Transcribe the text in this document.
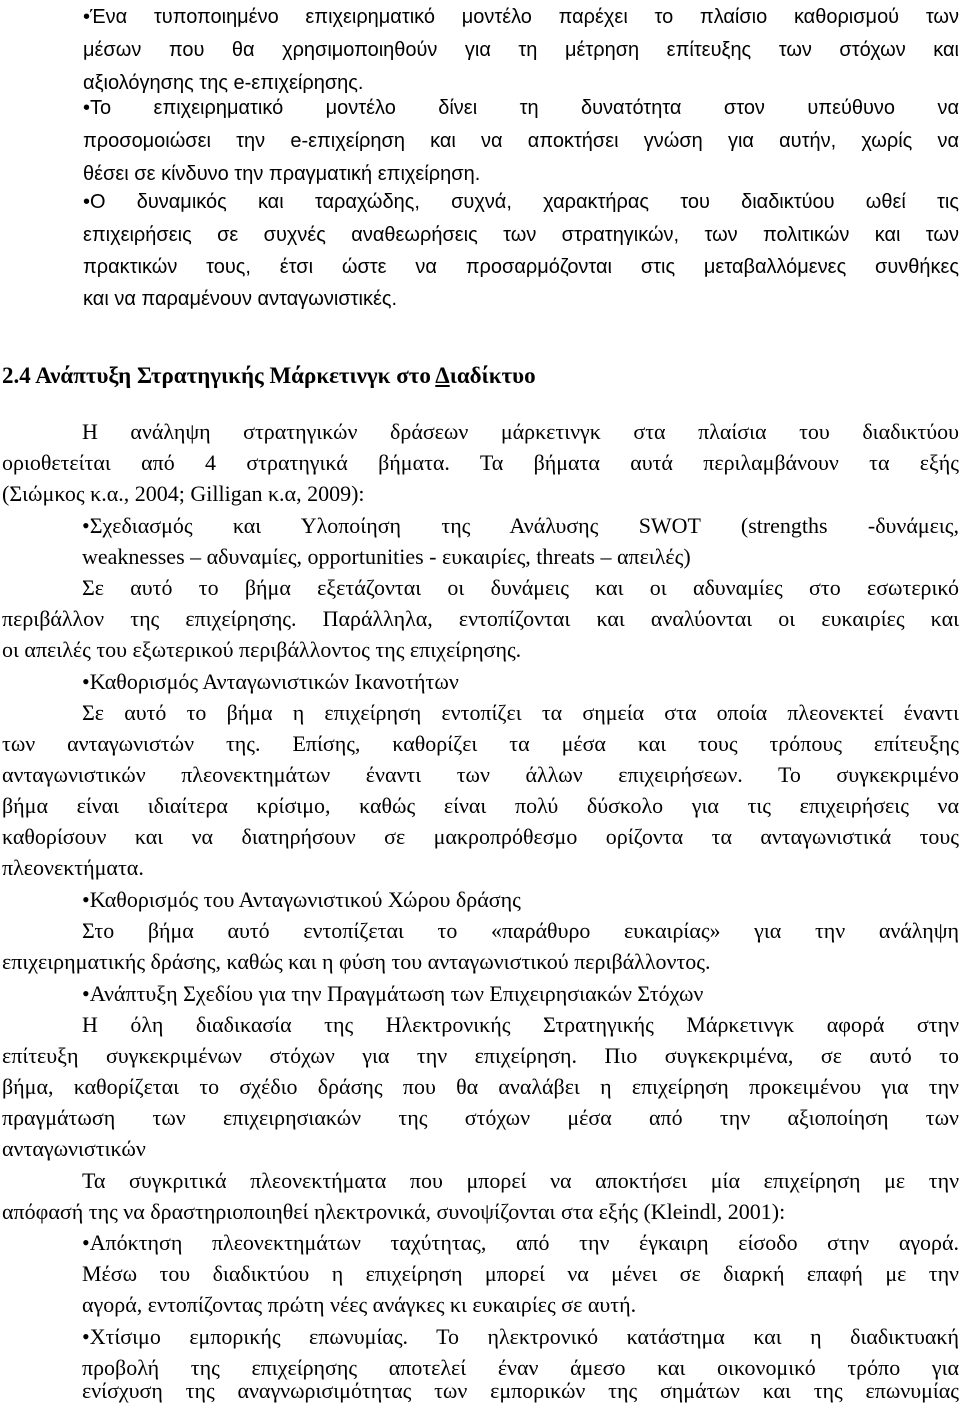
•Ένα τυποποιημένο επιχειρηματικό μοντέλο παρέχει το πλαίσιο καθορισμού των
μέσων που θα χρησιμοποιηθούν για τη μέτρηση επίτευξης των στόχων και
αξιολόγησης της e-επιχείρησης.
•Το επιχειρηματικό μοντέλο δίνει τη δυνατότητα στον υπεύθυνο να
προσομοιώσει την e-επιχείρηση και να αποκτήσει γνώση για αυτήν, χωρίς να
θέσει σε κίνδυνο την πραγματική επιχείρηση.
•Ο δυναμικός και ταραχώδης, συχνά, χαρακτήρας του διαδικτύου ωθεί τις
επιχειρήσεις σε συχνές αναθεωρήσεις των στρατηγικών, των πολιτικών και των
πρακτικών τους, έτσι ώστε να προσαρμόζονται στις μεταβαλλόμενες συνθήκες
και να παραμένουν ανταγωνιστικές.
2.4 Ανάπτυξη Στρατηγικής Μάρκετινγκ στο Διαδίκτυο
Η ανάληψη στρατηγικών δράσεων μάρκετινγκ στα πλαίσια του διαδικτύου
οριοθετείται από 4 στρατηγικά βήματα. Τα βήματα αυτά περιλαμβάνουν τα εξής
(Σιώμκος κ.α., 2004; Gilligan κ.α, 2009):
•Σχεδιασμός και Υλοποίηση της Ανάλυσης SWOT (strengths -δυνάμεις,
weaknesses – αδυναμίες, opportunities - ευκαιρίες, threats – απειλές)
Σε αυτό το βήμα εξετάζονται οι δυνάμεις και οι αδυναμίες στο εσωτερικό
περιβάλλον της επιχείρησης. Παράλληλα, εντοπίζονται και αναλύονται οι ευκαιρίες και
οι απειλές του εξωτερικού περιβάλλοντος της επιχείρησης.
•Καθορισμός Ανταγωνιστικών Ικανοτήτων
Σε αυτό το βήμα η επιχείρηση εντοπίζει τα σημεία στα οποία πλεονεκτεί έναντι
των ανταγωνιστών της. Επίσης, καθορίζει τα μέσα και τους τρόπους επίτευξης
ανταγωνιστικών πλεονεκτημάτων έναντι των άλλων επιχειρήσεων. Το συγκεκριμένο
βήμα είναι ιδιαίτερα κρίσιμο, καθώς είναι πολύ δύσκολο για τις επιχειρήσεις να
καθορίσουν και να διατηρήσουν σε μακροπρόθεσμο ορίζοντα τα ανταγωνιστικά τους
πλεονεκτήματα.
•Καθορισμός του Ανταγωνιστικού Χώρου δράσης
Στο βήμα αυτό εντοπίζεται το «παράθυρο ευκαιρίας» για την ανάληψη
επιχειρηματικής δράσης, καθώς και η φύση του ανταγωνιστικού περιβάλλοντος.
•Ανάπτυξη Σχεδίου για την Πραγμάτωση των Επιχειρησιακών Στόχων
Η όλη διαδικασία της Ηλεκτρονικής Στρατηγικής Μάρκετινγκ αφορά στην
επίτευξη συγκεκριμένων στόχων για την επιχείρηση. Πιο συγκεκριμένα, σε αυτό το
βήμα, καθορίζεται το σχέδιο δράσης που θα αναλάβει η επιχείρηση προκειμένου για την
πραγμάτωση των επιχειρησιακών της στόχων μέσα από την αξιοποίηση των
ανταγωνιστικών
Τα συγκριτικά πλεονεκτήματα που μπορεί να αποκτήσει μία επιχείρηση με την
απόφασή της να δραστηριοποιηθεί ηλεκτρονικά, συνοψίζονται στα εξής (Kleindl, 2001):
•Απόκτηση πλεονεκτημάτων ταχύτητας, από την έγκαιρη είσοδο στην αγορά.
Μέσω του διαδικτύου η επιχείρηση μπορεί να μένει σε διαρκή επαφή με την
αγορά, εντοπίζοντας πρώτη νέες ανάγκες κι ευκαιρίες σε αυτή.
•Χτίσιμο εμπορικής επωνυμίας. Το ηλεκτρονικό κατάστημα και η διαδικτυακή
προβολή της επιχείρησης αποτελεί έναν άμεσο και οικονομικό τρόπο για
ενίσχυση της αναγνωρισιμότητας των εμπορικών της σημάτων και της επωνυμίας
